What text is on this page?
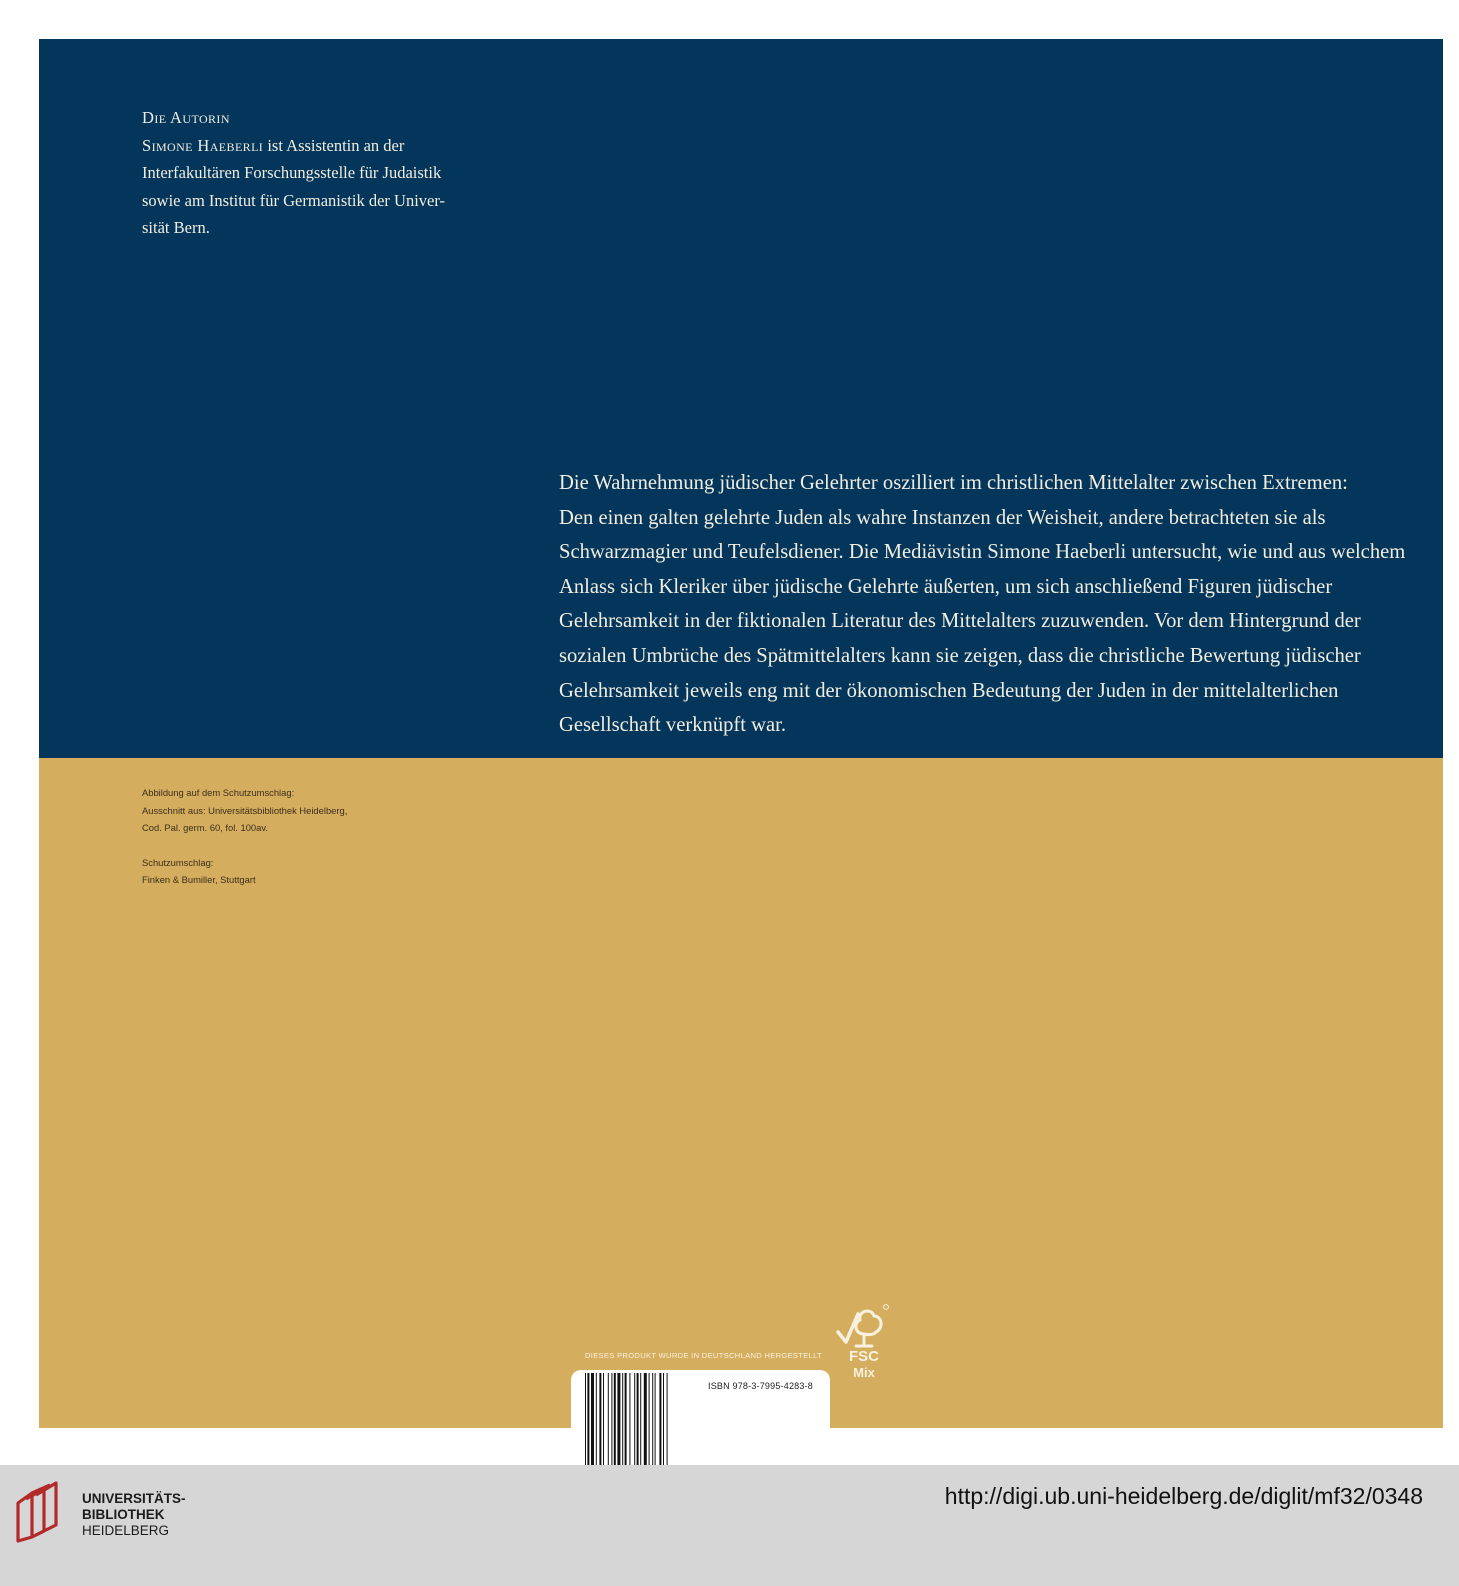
Die Autorin
Simone Haeberli ist Assistentin an der
Interfakultären Forschungsstelle für Judaistik
sowie am Institut für Germanistik der Univer-
sität Bern.
Die Wahrnehmung jüdischer Gelehrter oszilliert im christlichen Mittelalter zwischen Extremen:
Den einen galten gelehrte Juden als wahre Instanzen der Weisheit, andere betrachteten sie als
Schwarzmagier und Teufelsdiener. Die Mediävistin Simone Haeberli untersucht, wie und aus welchem
Anlass sich Kleriker über jüdische Gelehrte äußerten, um sich anschließend Figuren jüdischer
Gelehrsamkeit in der fiktionalen Literatur des Mittelalters zuzuwenden. Vor dem Hintergrund der
sozialen Umbrüche des Spätmittelalters kann sie zeigen, dass die christliche Bewertung jüdischer
Gelehrsamkeit jeweils eng mit der ökonomischen Bedeutung der Juden in der mittelalterlichen
Gesellschaft verknüpft war.
Abbildung auf dem Schutzumschlag:
Ausschnitt aus: Universitätsbibliothek Heidelberg,
Cod. Pal. germ. 60, fol. 100av.
Schutzumschlag:
Finken & Bumiller, Stuttgart
DIESES PRODUKT WURDE IN DEUTSCHLAND HERGESTELLT
ISBN 978-3-7995-4283-8
FSC
Mix
UNIVERSITÄTS-
BIBLIOTHEK
HEIDELBERG
http://digi.ub.uni-heidelberg.de/diglit/mf32/0348
